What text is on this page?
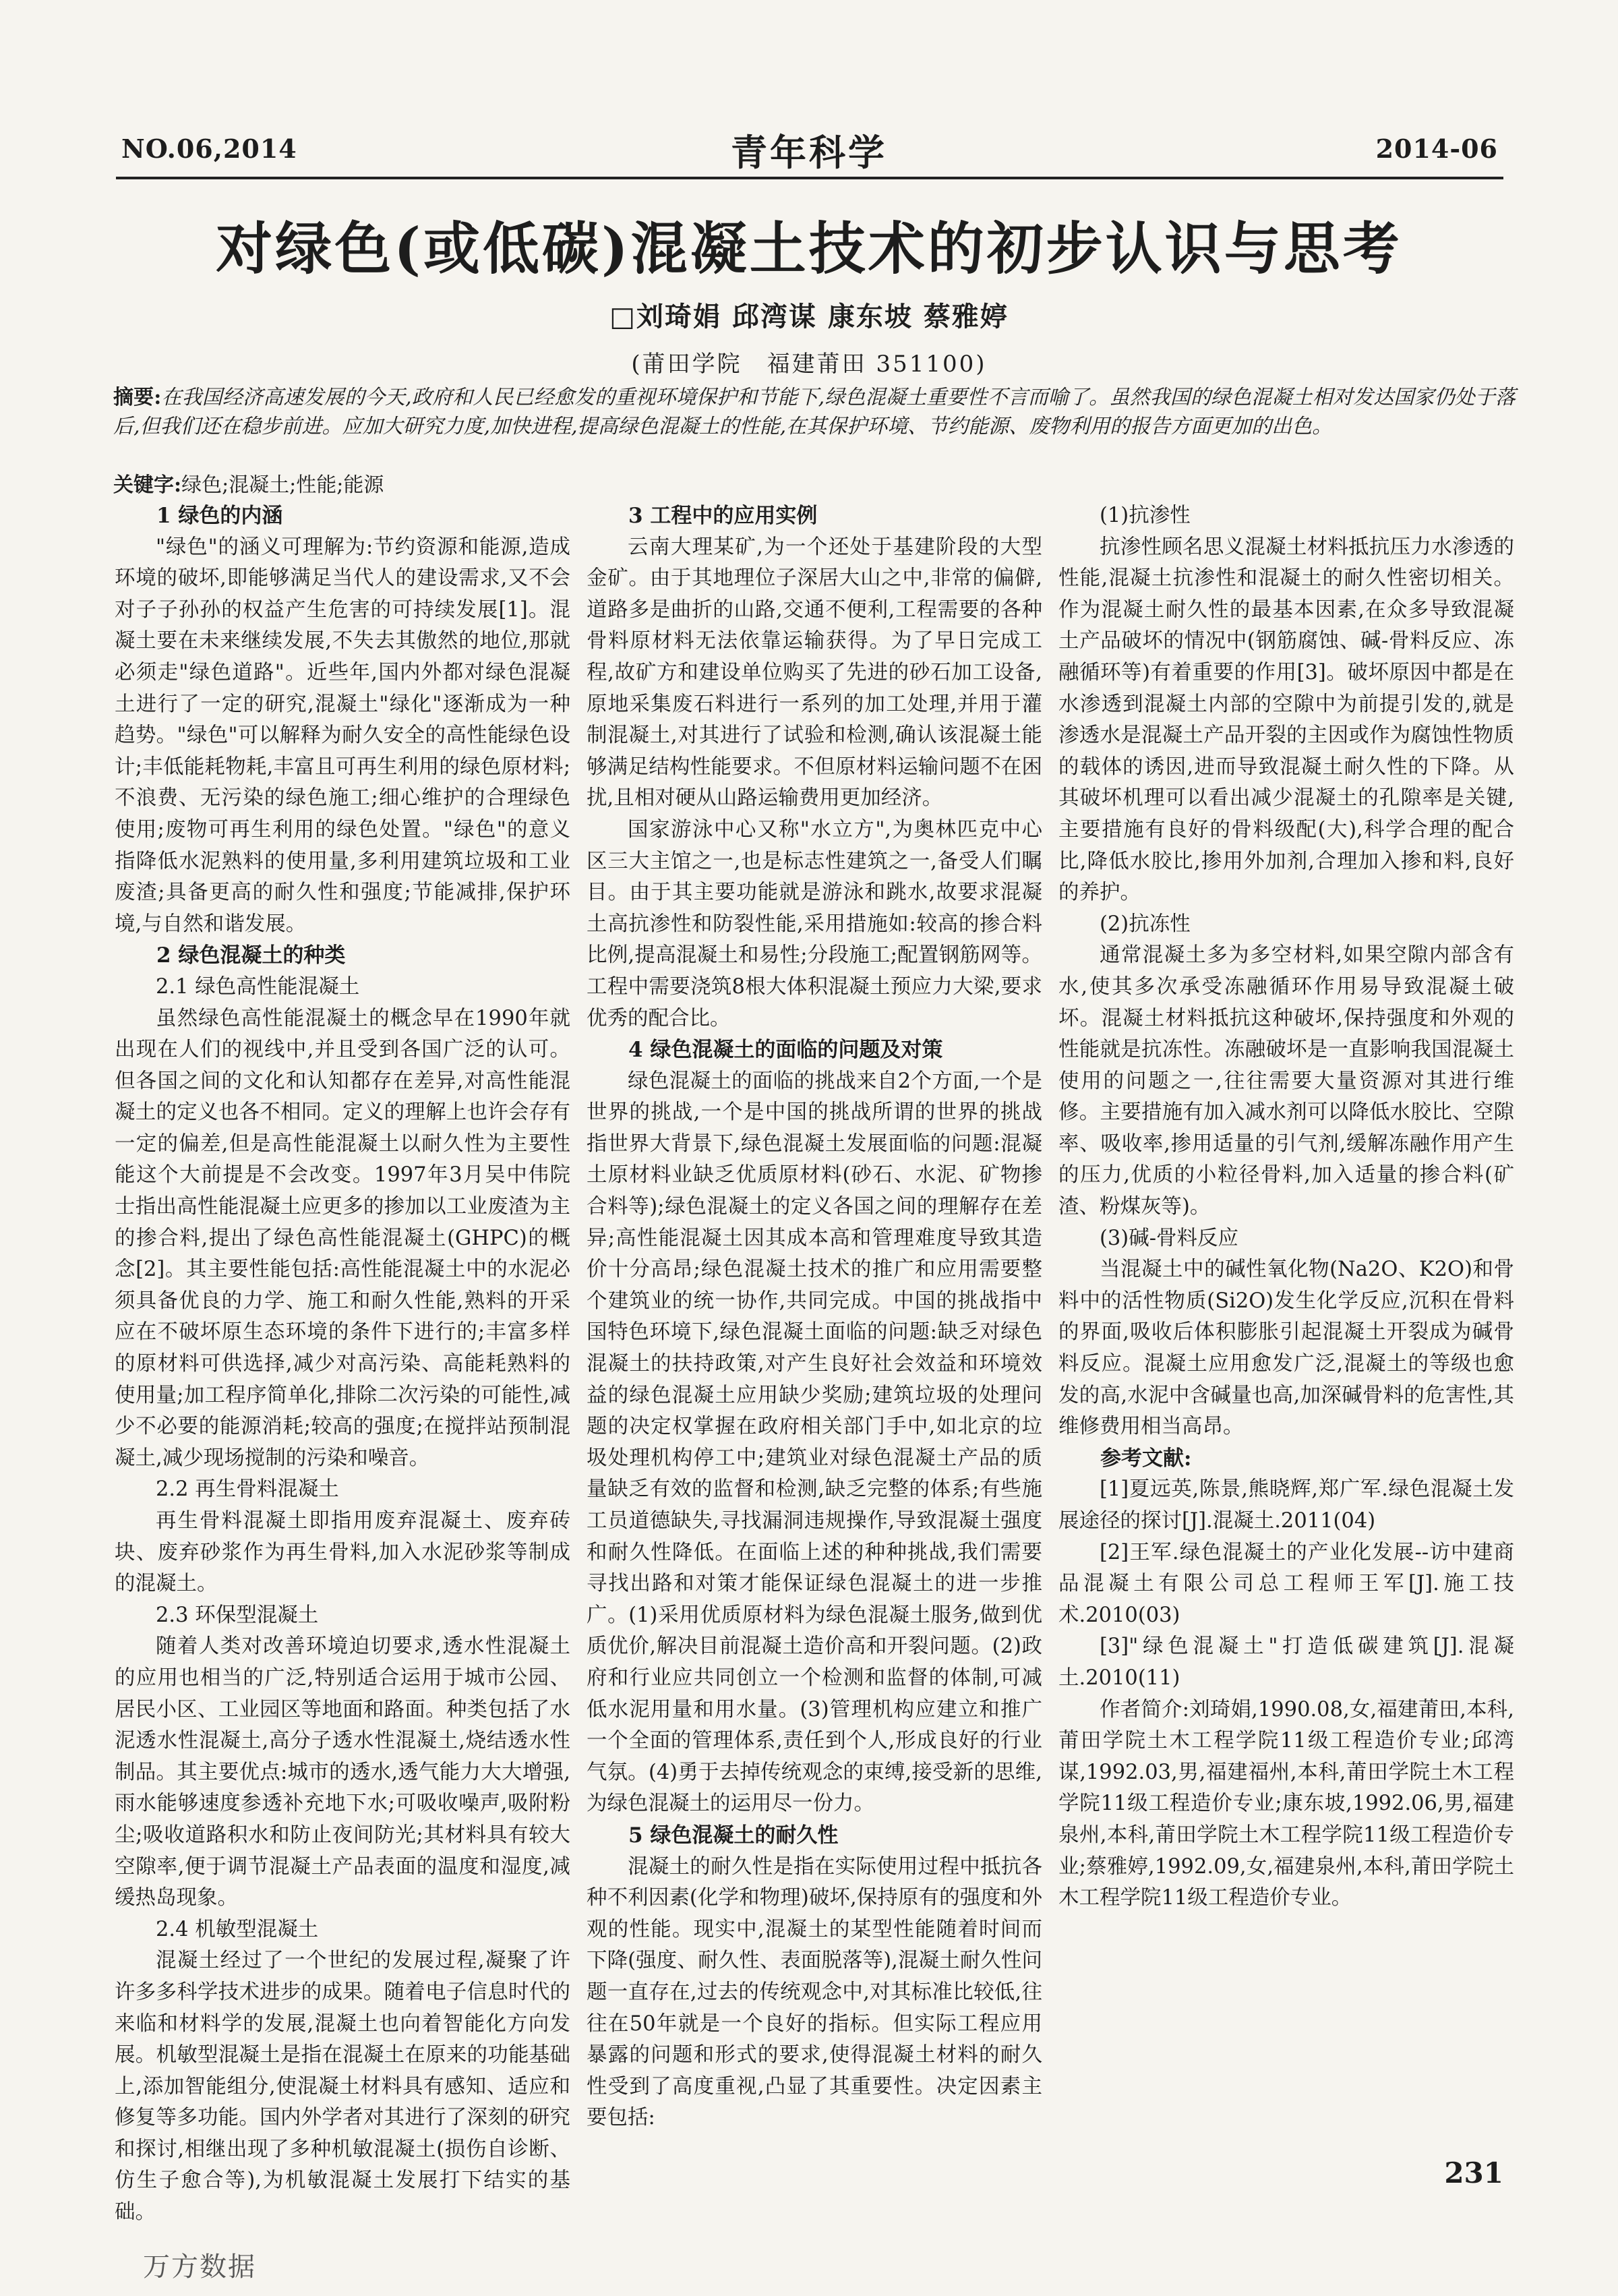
NO.06,2014	青年科学	2014-06
对绿色(或低碳)混凝土技术的初步认识与思考
□刘琦娟 邱湾谋 康东坡 蔡雅婷
(莆田学院　福建莆田 351100)
摘要:在我国经济高速发展的今天,政府和人民已经愈发的重视环境保护和节能下,绿色混凝土重要性不言而喻了。虽然我国的绿色混凝土相对发达国家仍处于落后,但我们还在稳步前进。应加大研究力度,加快进程,提高绿色混凝土的性能,在其保护环境、节约能源、废物利用的报告方面更加的出色。
关键字:绿色;混凝土;性能;能源
1 绿色的内涵

"绿色"的涵义可理解为:节约资源和能源,造成环境的破坏,即能够满足当代人的建设需求,又不会对子子孙孙的权益产生危害的可持续发展[1]。混凝土要在未来继续发展,不失去其傲然的地位,那就必须走"绿色道路"。近些年,国内外都对绿色混凝土进行了一定的研究,混凝土"绿化"逐渐成为一种趋势。"绿色"可以解释为耐久安全的高性能绿色设计;丰低能耗物耗,丰富且可再生利用的绿色原材料;不浪费、无污染的绿色施工;细心维护的合理绿色使用;废物可再生利用的绿色处置。"绿色"的意义指降低水泥熟料的使用量,多利用建筑垃圾和工业废渣;具备更高的耐久性和强度;节能减排,保护环境,与自然和谐发展。

2 绿色混凝土的种类
2.1 绿色高性能混凝土

虽然绿色高性能混凝土的概念早在1990年就出现在人们的视线中,并且受到各国广泛的认可。但各国之间的文化和认知都存在差异,对高性能混凝土的定义也各不相同。定义的理解上也许会存有一定的偏差,但是高性能混凝土以耐久性为主要性能这个大前提是不会改变。1997年3月吴中伟院士指出高性能混凝土应更多的掺加以工业废渣为主的掺合料,提出了绿色高性能混凝土(GHPC)的概念[2]。其主要性能包括:高性能混凝土中的水泥必须具备优良的力学、施工和耐久性能,熟料的开采应在不破坏原生态环境的条件下进行的;丰富多样的原材料可供选择,减少对高污染、高能耗熟料的使用量;加工程序简单化,排除二次污染的可能性,减少不必要的能源消耗;较高的强度;在搅拌站预制混凝土,减少现场搅制的污染和噪音。

2.2 再生骨料混凝土

再生骨料混凝土即指用废弃混凝土、废弃砖块、废弃砂浆作为再生骨料,加入水泥砂浆等制成的混凝土。

2.3 环保型混凝土

随着人类对改善环境迫切要求,透水性混凝土的应用也相当的广泛,特别适合运用于城市公园、居民小区、工业园区等地面和路面。种类包括了水泥透水性混凝土,高分子透水性混凝土,烧结透水性制品。其主要优点:城市的透水,透气能力大大增强,雨水能够速度参透补充地下水;可吸收噪声,吸附粉尘;吸收道路积水和防止夜间防光;其材料具有较大空隙率,便于调节混凝土产品表面的温度和湿度,减缓热岛现象。

2.4 机敏型混凝土

混凝土经过了一个世纪的发展过程,凝聚了许许多多科学技术进步的成果。随着电子信息时代的来临和材料学的发展,混凝土也向着智能化方向发展。机敏型混凝土是指在混凝土在原来的功能基础上,添加智能组分,使混凝土材料具有感知、适应和修复等多功能。国内外学者对其进行了深刻的研究和探讨,相继出现了多种机敏混凝土(损伤自诊断、仿生子愈合等),为机敏混凝土发展打下结实的基础。

3 工程中的应用实例

云南大理某矿,为一个还处于基建阶段的大型金矿。由于其地理位子深居大山之中,非常的偏僻,道路多是曲折的山路,交通不便利,工程需要的各种骨料原材料无法依靠运输获得。为了早日完成工程,故矿方和建设单位购买了先进的砂石加工设备,原地采集废石料进行一系列的加工处理,并用于灌制混凝土,对其进行了试验和检测,确认该混凝土能够满足结构性能要求。不但原材料运输问题不在困扰,且相对硬从山路运输费用更加经济。

国家游泳中心又称"水立方",为奥林匹克中心区三大主馆之一,也是标志性建筑之一,备受人们瞩目。由于其主要功能就是游泳和跳水,故要求混凝土高抗渗性和防裂性能,采用措施如:较高的掺合料比例,提高混凝土和易性;分段施工;配置钢筋网等。工程中需要浇筑8根大体积混凝土预应力大梁,要求优秀的配合比。

4 绿色混凝土的面临的问题及对策

绿色混凝土的面临的挑战来自2个方面,一个是世界的挑战,一个是中国的挑战所谓的世界的挑战指世界大背景下,绿色混凝土发展面临的问题:混凝土原材料业缺乏优质原材料(砂石、水泥、矿物掺合料等);绿色混凝土的定义各国之间的理解存在差异;高性能混凝土因其成本高和管理难度导致其造价十分高昂;绿色混凝土技术的推广和应用需要整个建筑业的统一协作,共同完成。中国的挑战指中国特色环境下,绿色混凝土面临的问题:缺乏对绿色混凝土的扶持政策,对产生良好社会效益和环境效益的绿色混凝土应用缺少奖励;建筑垃圾的处理问题的决定权掌握在政府相关部门手中,如北京的垃圾处理机构停工中;建筑业对绿色混凝土产品的质量缺乏有效的监督和检测,缺乏完整的体系;有些施工员道德缺失,寻找漏洞违规操作,导致混凝土强度和耐久性降低。在面临上述的种种挑战,我们需要寻找出路和对策才能保证绿色混凝土的进一步推广。(1)采用优质原材料为绿色混凝土服务,做到优质优价,解决目前混凝土造价高和开裂问题。(2)政府和行业应共同创立一个检测和监督的体制,可减低水泥用量和用水量。(3)管理机构应建立和推广一个全面的管理体系,责任到个人,形成良好的行业气氛。(4)勇于去掉传统观念的束缚,接受新的思维,为绿色混凝土的运用尽一份力。

5 绿色混凝土的耐久性

混凝土的耐久性是指在实际使用过程中抵抗各种不利因素(化学和物理)破坏,保持原有的强度和外观的性能。现实中,混凝土的某型性能随着时间而下降(强度、耐久性、表面脱落等),混凝土耐久性问题一直存在,过去的传统观念中,对其标准比较低,往往在50年就是一个良好的指标。但实际工程应用暴露的问题和形式的要求,使得混凝土材料的耐久性受到了高度重视,凸显了其重要性。决定因素主要包括:

(1)抗渗性

抗渗性顾名思义混凝土材料抵抗压力水渗透的性能,混凝土抗渗性和混凝土的耐久性密切相关。作为混凝土耐久性的最基本因素,在众多导致混凝土产品破坏的情况中(钢筋腐蚀、碱-骨料反应、冻融循环等)有着重要的作用[3]。破坏原因中都是在水渗透到混凝土内部的空隙中为前提引发的,就是渗透水是混凝土产品开裂的主因或作为腐蚀性物质的载体的诱因,进而导致混凝土耐久性的下降。从其破坏机理可以看出减少混凝土的孔隙率是关键,主要措施有良好的骨料级配(大),科学合理的配合比,降低水胶比,掺用外加剂,合理加入掺和料,良好的养护。

(2)抗冻性

通常混凝土多为多空材料,如果空隙内部含有水,使其多次承受冻融循环作用易导致混凝土破坏。混凝土材料抵抗这种破坏,保持强度和外观的性能就是抗冻性。冻融破坏是一直影响我国混凝土使用的问题之一,往往需要大量资源对其进行维修。主要措施有加入减水剂可以降低水胶比、空隙率、吸收率,掺用适量的引气剂,缓解冻融作用产生的压力,优质的小粒径骨料,加入适量的掺合料(矿渣、粉煤灰等)。

(3)碱-骨料反应

当混凝土中的碱性氧化物(Na2O、K2O)和骨料中的活性物质(Si2O)发生化学反应,沉积在骨料的界面,吸收后体积膨胀引起混凝土开裂成为碱骨料反应。混凝土应用愈发广泛,混凝土的等级也愈发的高,水泥中含碱量也高,加深碱骨料的危害性,其维修费用相当高昂。

参考文献:

[1]夏远英,陈景,熊晓辉,郑广军.绿色混凝土发展途径的探讨[J].混凝土.2011(04)

[2]王军.绿色混凝土的产业化发展--访中建商品混凝土有限公司总工程师王军[J].施工技术.2010(03)

[3]"绿色混凝土"打造低碳建筑[J].混凝土.2010(11)

作者简介:刘琦娟,1990.08,女,福建莆田,本科,莆田学院土木工程学院11级工程造价专业;邱湾谋,1992.03,男,福建福州,本科,莆田学院土木工程学院11级工程造价专业;康东坡,1992.06,男,福建泉州,本科,莆田学院土木工程学院11级工程造价专业;蔡雅婷,1992.09,女,福建泉州,本科,莆田学院土木工程学院11级工程造价专业。

231
万方数据
